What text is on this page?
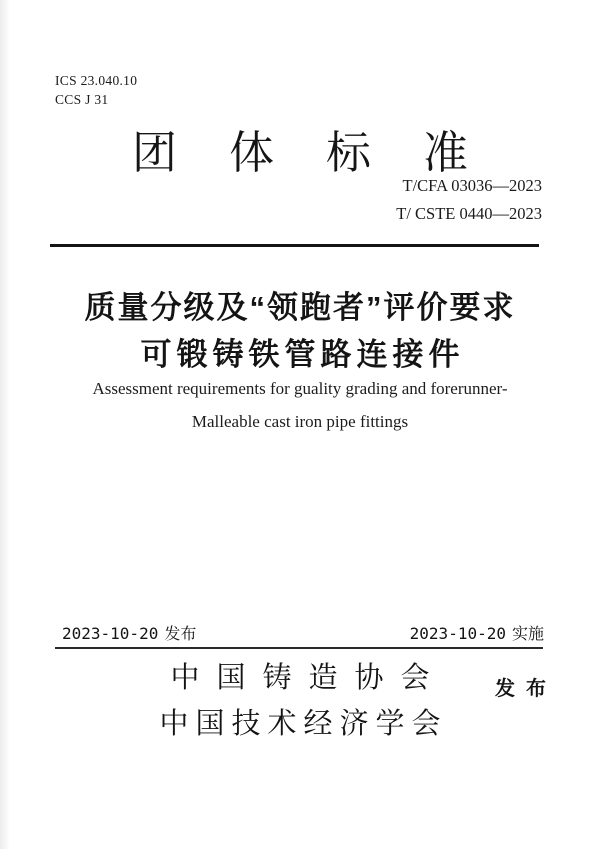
ICS 23.040.10
CCS J 31
团体标准
T/CFA 03036—2023
T/ CSTE 0440—2023
质量分级及“领跑者”评价要求
可锻铸铁管路连接件
Assessment requirements for guality grading and forerunner-
Malleable cast iron pipe fittings
2023-10-20 发布	2023-10-20 实施
中国铸造协会
中国技术经济学会
发布
